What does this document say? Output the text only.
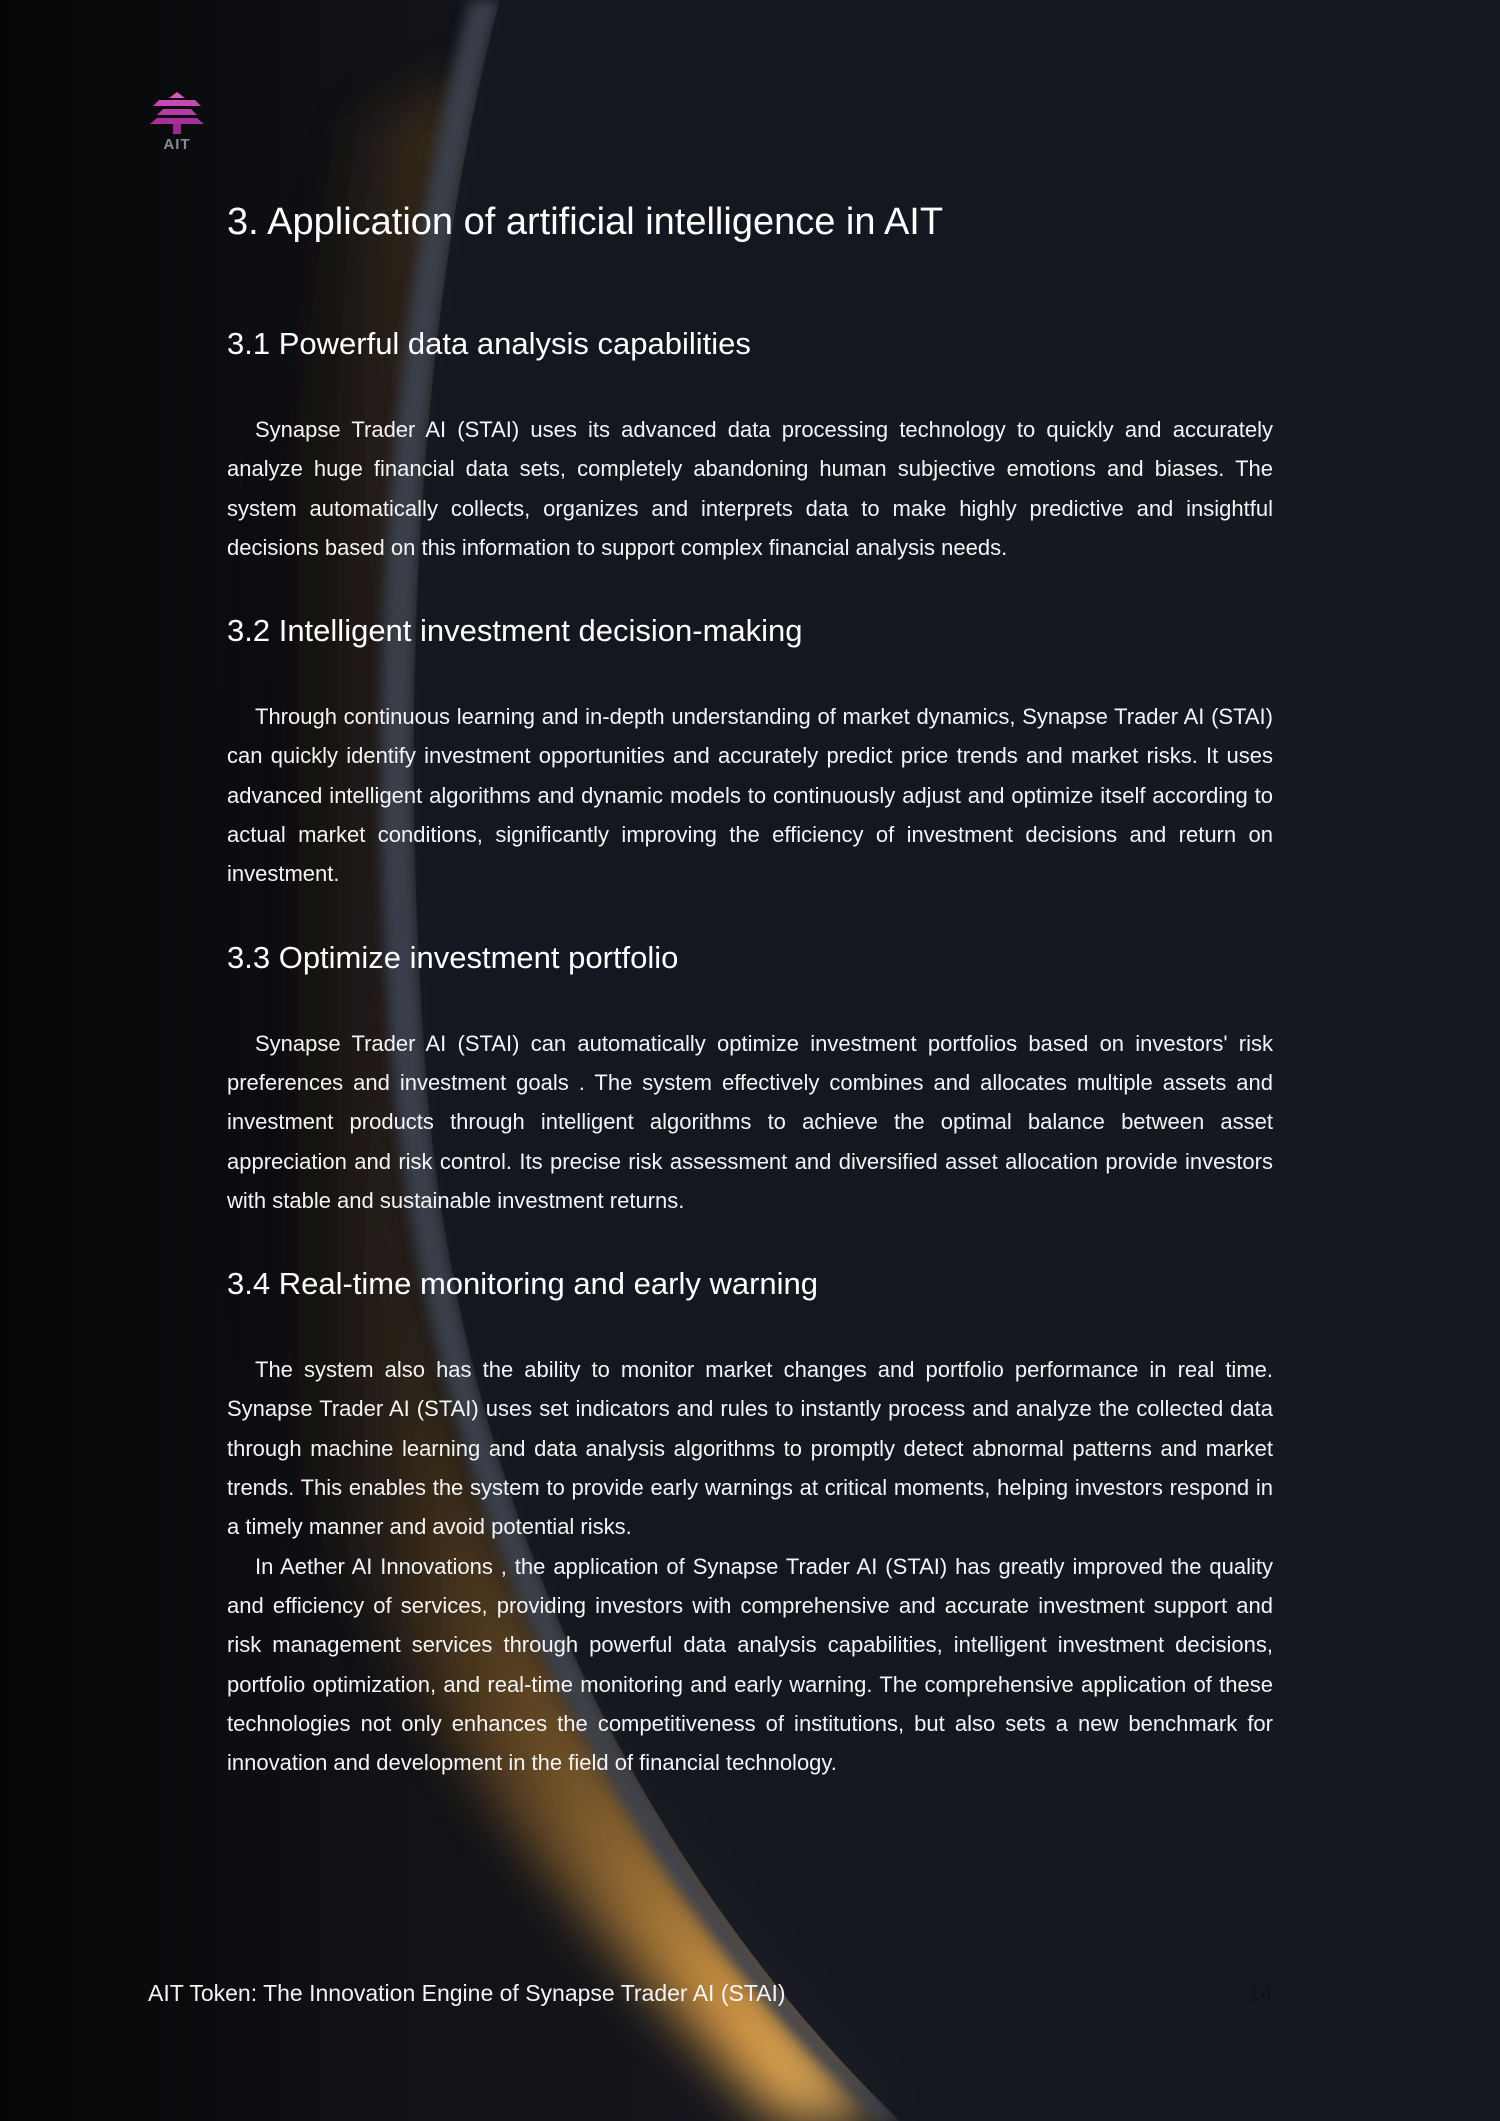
AIT
3. Application of artificial intelligence in AIT
3.1 Powerful data analysis capabilities

Synapse Trader AI (STAI) uses its advanced data processing technology to quickly and accurately analyze huge financial data sets, completely abandoning human subjective emotions and biases. The system automatically collects, organizes and interprets data to make highly predictive and insightful decisions based on this information to support complex financial analysis needs.

3.2 Intelligent investment decision-making

Through continuous learning and in-depth understanding of market dynamics, Synapse Trader AI (STAI) can quickly identify investment opportunities and accurately predict price trends and market risks. It uses advanced intelligent algorithms and dynamic models to continuously adjust and optimize itself according to actual market conditions, significantly improving the efficiency of investment decisions and return on investment.

3.3 Optimize investment portfolio

Synapse Trader AI (STAI) can automatically optimize investment portfolios based on investors' risk preferences and investment goals . The system effectively combines and allocates multiple assets and investment products through intelligent algorithms to achieve the optimal balance between asset appreciation and risk control. Its precise risk assessment and diversified asset allocation provide investors with stable and sustainable investment returns.

3.4 Real-time monitoring and early warning

The system also has the ability to monitor market changes and portfolio performance in real time. Synapse Trader AI (STAI) uses set indicators and rules to instantly process and analyze the collected data through machine learning and data analysis algorithms to promptly detect abnormal patterns and market trends. This enables the system to provide early warnings at critical moments, helping investors respond in a timely manner and avoid potential risks.

In Aether AI Innovations , the application of Synapse Trader AI (STAI) has greatly improved the quality and efficiency of services, providing investors with comprehensive and accurate investment support and risk management services through powerful data analysis capabilities, intelligent investment decisions, portfolio optimization, and real-time monitoring and early warning. The comprehensive application of these technologies not only enhances the competitiveness of institutions, but also sets a new benchmark for innovation and development in the field of financial technology.

AIT Token: The Innovation Engine of Synapse Trader AI (STAI)	14
